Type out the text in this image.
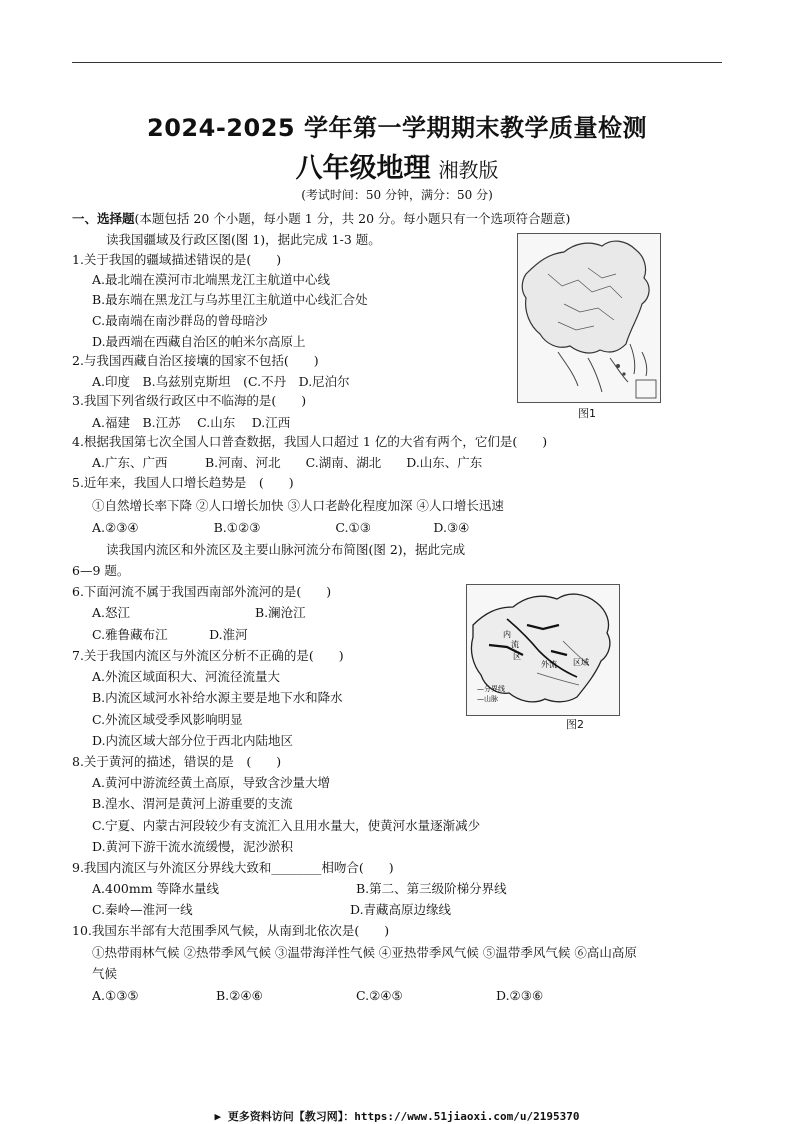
2024-2025 学年第一学期期末教学质量检测
八年级地理 湘教版
(考试时间：50 分钟，满分：50 分)
一、选择题(本题包括 20 个小题，每小题 1 分，共 20 分。每小题只有一个选项符合题意)
读我国疆域及行政区图(图 1)，据此完成 1-3 题。
1.关于我国的疆域描述错误的是(　　)
A.最北端在漠河市北端黑龙江主航道中心线
B.最东端在黑龙江与乌苏里江主航道中心线汇合处
C.最南端在南沙群岛的曾母暗沙
D.最西端在西藏自治区的帕米尔高原上
2.与我国西藏自治区接壤的国家不包括(　　)
A.印度　B.乌兹别克斯坦　(C.不丹　D.尼泊尔
3.我国下列省级行政区中不临海的是(　　)
A.福建　B.江苏　 C.山东　 D.江西
4.根据我国第七次全国人口普查数据，我国人口超过 1 亿的大省有两个，它们是(　　)
A.广东、广西　　　B.河南、河北　　C.湖南、湖北　　D.山东、广东
5.近年来，我国人口增长趋势是　(　　)
①自然增长率下降 ②人口增长加快 ③人口老龄化程度加深 ④人口增长迅速
A.②③④　　　　　　B.①②③　　　　　　C.①③　　　　　D.③④
读我国内流区和外流区及主要山脉河流分布简图(图 2)，据此完成
6—9 题。
6.下面河流不属于我国西南部外流河的是(　　)
A.怒江　　　　　　　　　　B.澜沧江
C.雅鲁藏布江　　　 D.淮河
7.关于我国内流区与外流区分析不正确的是(　　)
A.外流区域面积大、河流径流量大
B.内流区域河水补给水源主要是地下水和降水
C.外流区域受季风影响明显
D.内流区域大部分位于西北内陆地区
8.关于黄河的描述，错误的是　(　　)
A.黄河中游流经黄土高原，导致含沙量大增
B.湟水、渭河是黄河上游重要的支流
C.宁夏、内蒙古河段较少有支流汇入且用水量大，使黄河水量逐渐减少
D.黄河下游干流水流缓慢，泥沙淤积
9.我国内流区与外流区分界线大致和________相吻合(　　)
A.400mm 等降水量线	B.第二、第三级阶梯分界线
C.秦岭—淮河一线	D.青藏高原边缘线
10.我国东半部有大范围季风气候，从南到北依次是(　　)
①热带雨林气候 ②热带季风气候 ③温带海洋性气候 ④亚热带季风气候 ⑤温带季风气候 ⑥高山高原
气候
A.①③⑤	B.②④⑥	C.②④⑤	D.②③⑥
图1
内
流
区
外流 区域
—分界线
—山脉
图2
▶ 更多资料访问【教习网】：https://www.51jiaoxi.com/u/2195370
